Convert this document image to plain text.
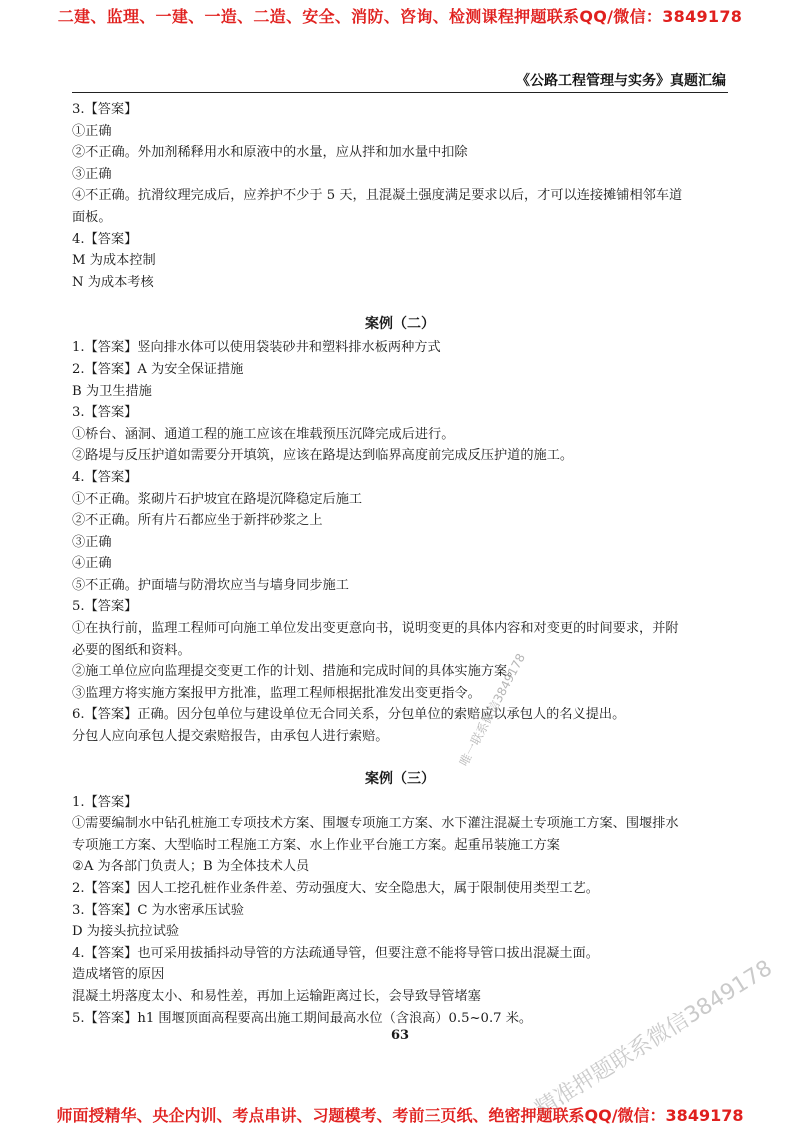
二建、监理、一建、一造、二造、安全、消防、咨询、检测课程押题联系QQ/微信：3849178
《公路工程管理与实务》真题汇编
3.【答案】
①正确
②不正确。外加剂稀释用水和原液中的水量，应从拌和加水量中扣除
③正确
④不正确。抗滑纹理完成后，应养护不少于 5 天，且混凝土强度满足要求以后，才可以连接摊铺相邻车道
面板。
4.【答案】
M 为成本控制
N 为成本考核
案例（二）
1.【答案】竖向排水体可以使用袋装砂井和塑料排水板两种方式
2.【答案】A 为安全保证措施
B 为卫生措施
3.【答案】
①桥台、涵洞、通道工程的施工应该在堆载预压沉降完成后进行。
②路堤与反压护道如需要分开填筑，应该在路堤达到临界高度前完成反压护道的施工。
4.【答案】
①不正确。浆砌片石护坡宜在路堤沉降稳定后施工
②不正确。所有片石都应坐于新拌砂浆之上
③正确
④正确
⑤不正确。护面墙与防滑坎应当与墙身同步施工
5.【答案】
①在执行前，监理工程师可向施工单位发出变更意向书，说明变更的具体内容和对变更的时间要求，并附
必要的图纸和资料。
②施工单位应向监理提交变更工作的计划、措施和完成时间的具体实施方案。
③监理方将实施方案报甲方批准，监理工程师根据批准发出变更指令。
6.【答案】正确。因分包单位与建设单位无合同关系，分包单位的索赔应以承包人的名义提出。
分包人应向承包人提交索赔报告，由承包人进行索赔。
案例（三）
1.【答案】
①需要编制水中钻孔桩施工专项技术方案、围堰专项施工方案、水下灌注混凝土专项施工方案、围堰排水
专项施工方案、大型临时工程施工方案、水上作业平台施工方案。起重吊装施工方案
②A 为各部门负责人；B 为全体技术人员
2.【答案】因人工挖孔桩作业条件差、劳动强度大、安全隐患大，属于限制使用类型工艺。
3.【答案】C 为水密承压试验
D 为接头抗拉试验
4.【答案】也可采用拔插抖动导管的方法疏通导管，但要注意不能将导管口拔出混凝土面。
造成堵管的原因
混凝土坍落度太小、和易性差，再加上运输距离过长，会导致导管堵塞
5.【答案】h1 围堰顶面高程要高出施工期间最高水位（含浪高）0.5~0.7 米。
63
唯一联系微信3849178
精准押题联系微信3849178
师面授精华、央企内训、考点串讲、习题模考、考前三页纸、绝密押题联系QQ/微信：3849178
